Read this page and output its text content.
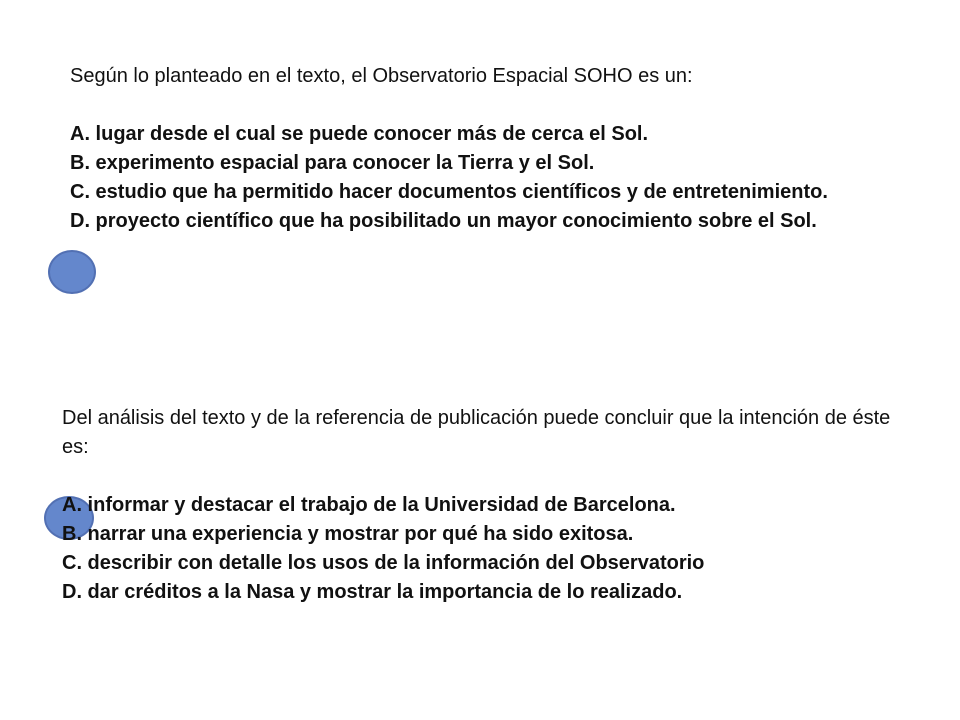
Según lo planteado en el texto, el Observatorio Espacial SOHO es un:

A. lugar desde el cual se puede conocer más de cerca el Sol.

B. experimento espacial para conocer la Tierra y el Sol.

C. estudio que ha permitido hacer documentos científicos y de entretenimiento.

D. proyecto científico que ha posibilitado un mayor conocimiento sobre el Sol.

Del análisis del texto y de la referencia de publicación puede concluir que la intención de éste es:

A. informar y destacar el trabajo de la Universidad de Barcelona.

B. narrar una experiencia y mostrar por qué ha sido exitosa.

C. describir con detalle los usos de la información del Observatorio

D. dar créditos a la Nasa y mostrar la importancia de lo realizado.
